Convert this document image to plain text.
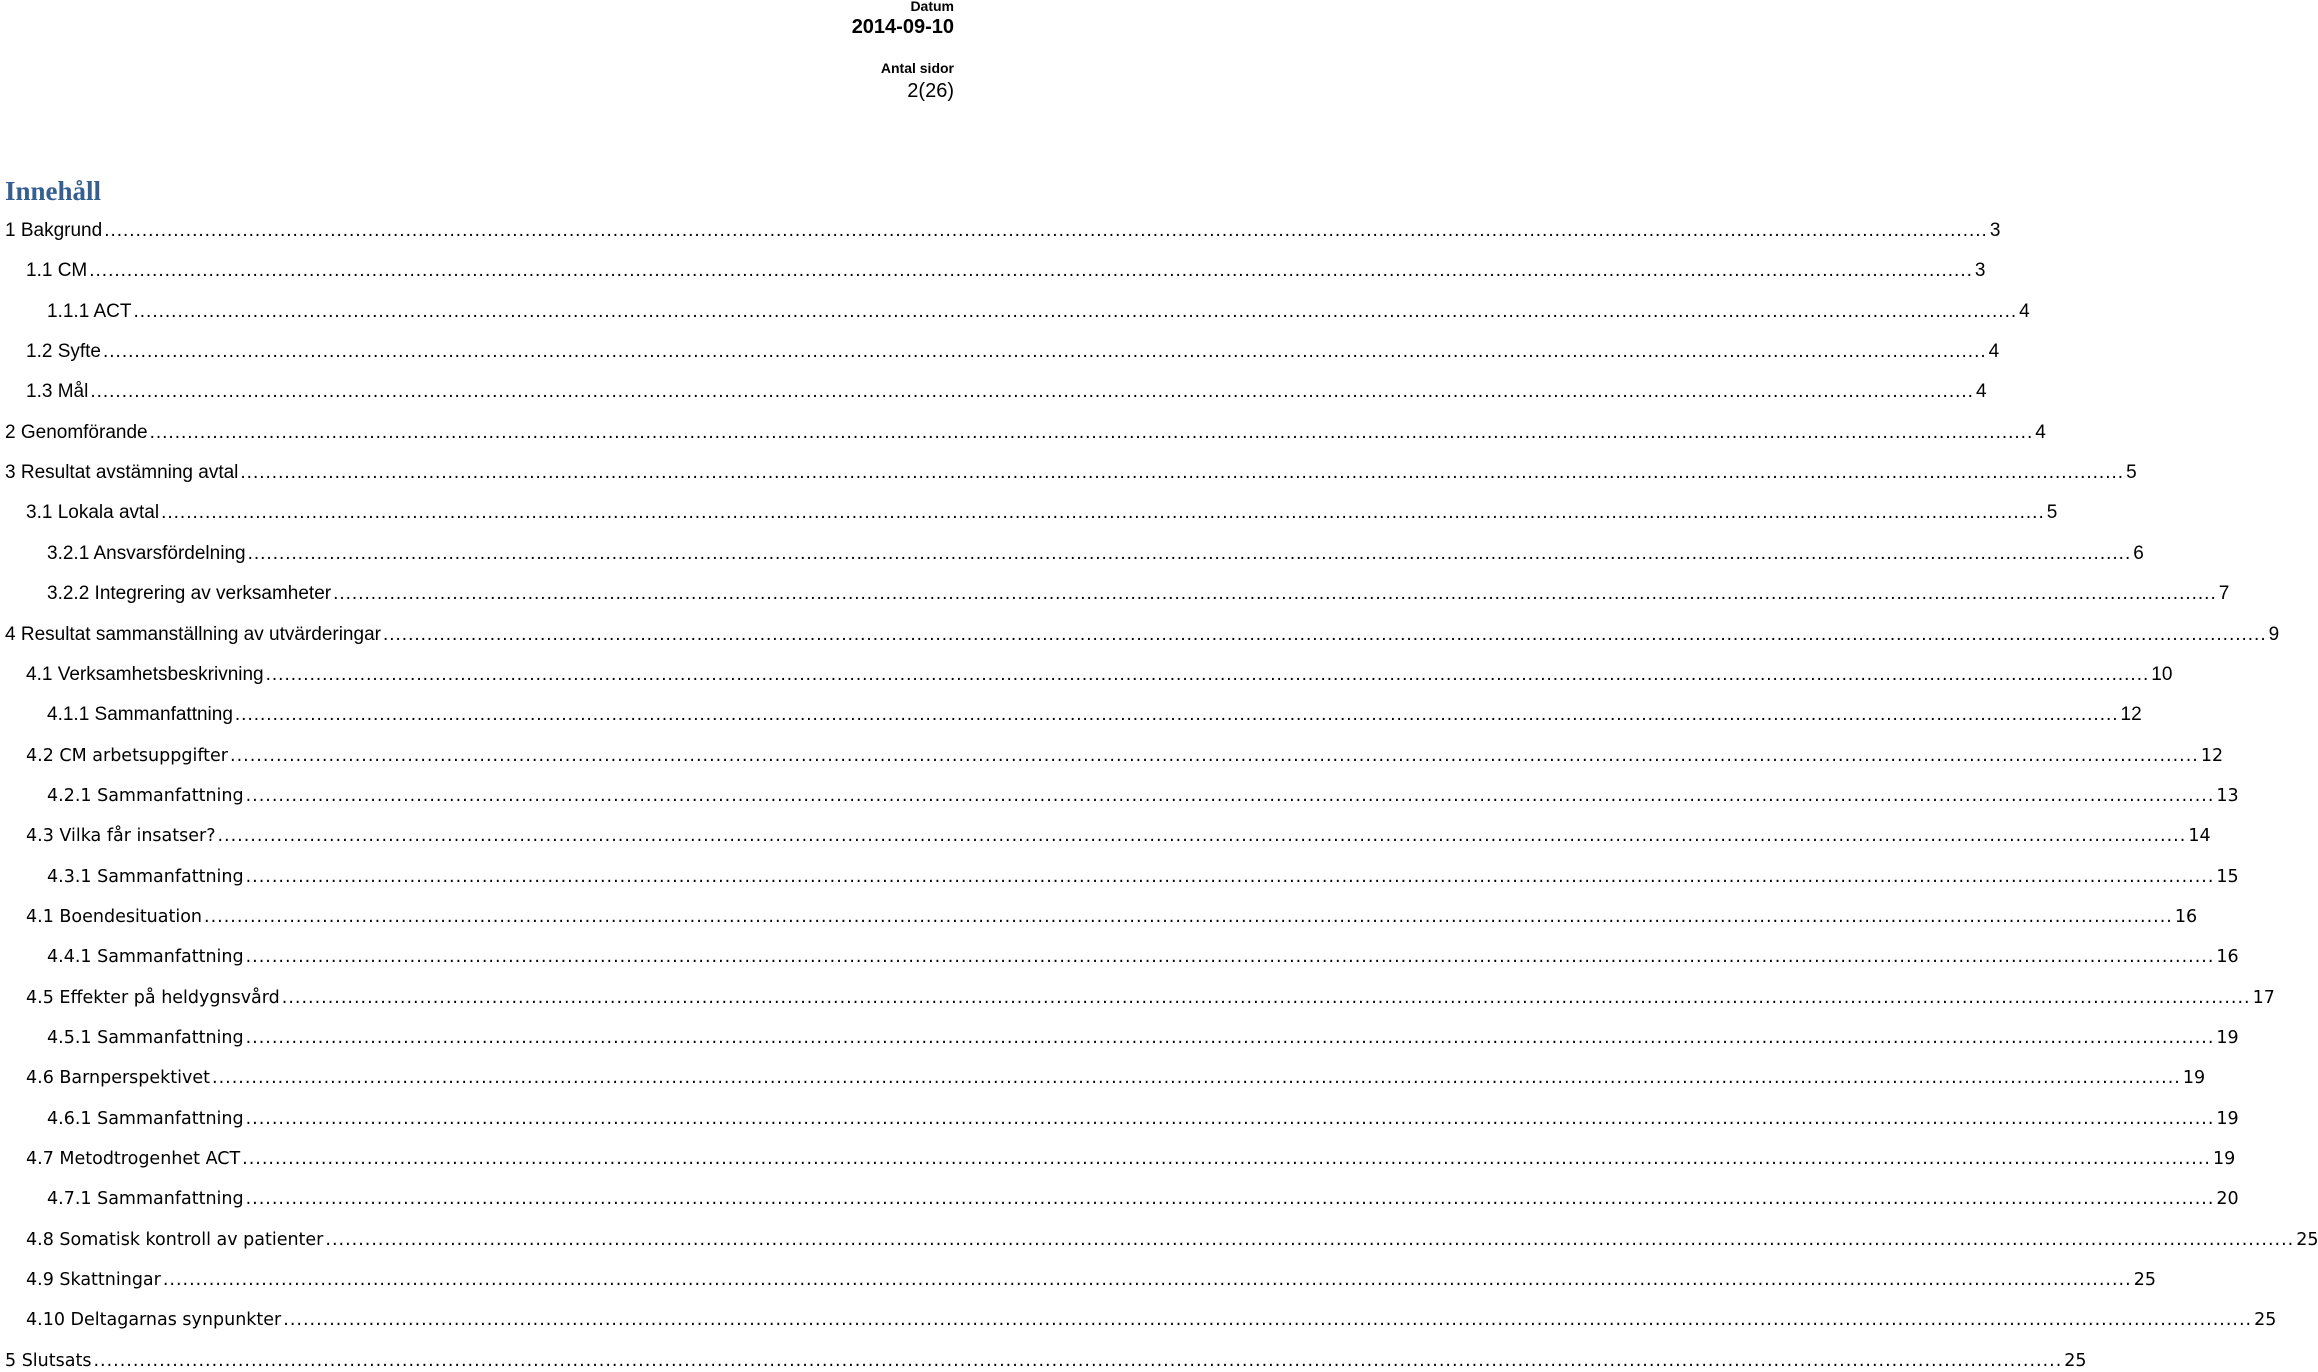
Datum
2014-09-10
Antal sidor
2(26)
Innehåll
1 Bakgrund ............................................................................................................................................................................................................................................................................................................ 3
1.1 CM ............................................................................................................................................................................................................................................................................................................ 3
1.1.1 ACT ............................................................................................................................................................................................................................................................................................................ 4
1.2 Syfte ............................................................................................................................................................................................................................................................................................................ 4
1.3 Mål ............................................................................................................................................................................................................................................................................................................ 4
2 Genomförande ............................................................................................................................................................................................................................................................................................................ 4
3 Resultat avstämning avtal ............................................................................................................................................................................................................................................................................................................ 5
3.1 Lokala avtal ............................................................................................................................................................................................................................................................................................................ 5
3.2.1 Ansvarsfördelning ............................................................................................................................................................................................................................................................................................................ 6
3.2.2 Integrering av verksamheter ............................................................................................................................................................................................................................................................................................................ 7
4 Resultat sammanställning av utvärderingar ............................................................................................................................................................................................................................................................................................................ 9
4.1 Verksamhetsbeskrivning ............................................................................................................................................................................................................................................................................................................ 10
4.1.1 Sammanfattning ............................................................................................................................................................................................................................................................................................................ 12
4.2 CM arbetsuppgifter ............................................................................................................................................................................................................................................................................................................ 12
4.2.1 Sammanfattning ............................................................................................................................................................................................................................................................................................................ 13
4.3 Vilka får insatser? ............................................................................................................................................................................................................................................................................................................ 14
4.3.1 Sammanfattning ............................................................................................................................................................................................................................................................................................................ 15
4.1 Boendesituation ............................................................................................................................................................................................................................................................................................................ 16
4.4.1 Sammanfattning ............................................................................................................................................................................................................................................................................................................ 16
4.5 Effekter på heldygnsvård ............................................................................................................................................................................................................................................................................................................ 17
4.5.1 Sammanfattning ............................................................................................................................................................................................................................................................................................................ 19
4.6 Barnperspektivet ............................................................................................................................................................................................................................................................................................................ 19
4.6.1 Sammanfattning ............................................................................................................................................................................................................................................................................................................ 19
4.7 Metodtrogenhet ACT ............................................................................................................................................................................................................................................................................................................ 19
4.7.1 Sammanfattning ............................................................................................................................................................................................................................................................................................................ 20
4.8 Somatisk kontroll av patienter ............................................................................................................................................................................................................................................................................................................ 25
4.9 Skattningar ............................................................................................................................................................................................................................................................................................................ 25
4.10 Deltagarnas synpunkter ............................................................................................................................................................................................................................................................................................................ 25
5 Slutsats ............................................................................................................................................................................................................................................................................................................ 25
